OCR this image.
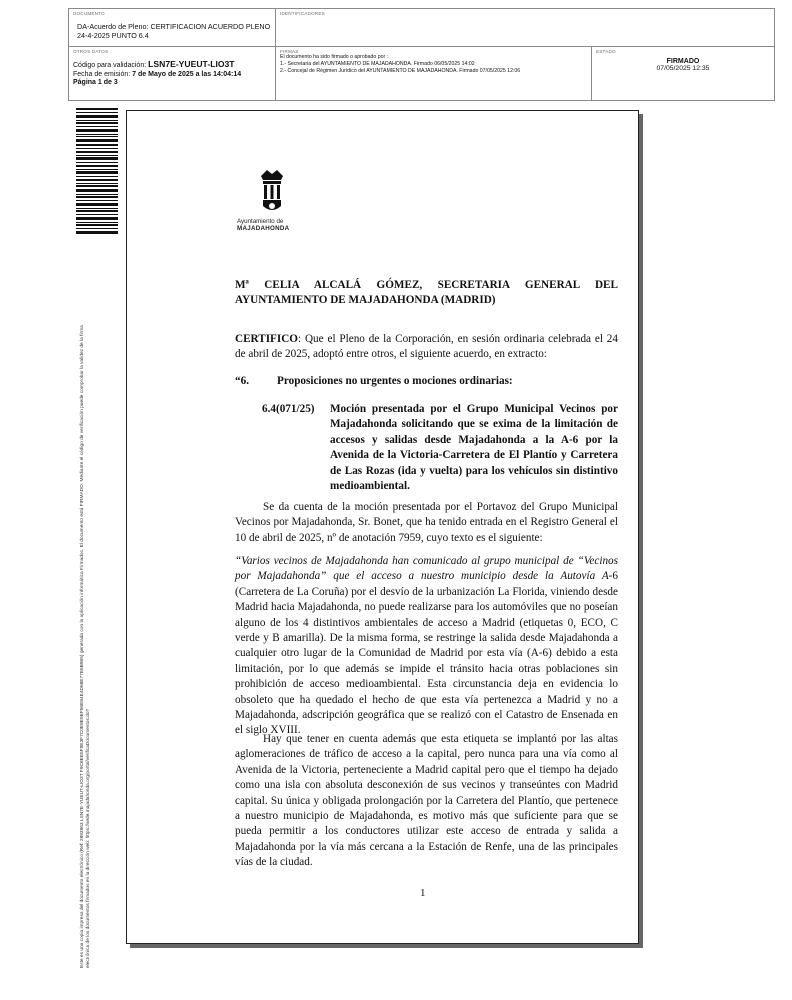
DOCUMENTO
DA-Acuerdo de Pleno: CERTIFICACION ACUERDO PLENO 24-4-2025 PUNTO 6.4
IDENTIFICADORES
OTROS DATOS
Código para validación: LSN7E-YUEUT-LIO3T
Fecha de emisión: 7 de Mayo de 2025 a las 14:04:14
Página 1 de 3
FIRMAS
El documento ha sido firmado o aprobado por :
1.- Secretaria del AYUNTAMIENTO DE MAJADAHONDA. Firmado 06/05/2025 14:02
2.- Concejal de Régimen Jurídico del AYUNTAMIENTO DE MAJADAHONDA. Firmado 07/05/2025 12:06
ESTADO
FIRMADO
07/05/2025 12:35
Este es una copia impresa del documento electrónico (Ref: 2893963 LSN7E-YUEUT-LIO3T F9C8EE5F9E3F7C0E8E9EF56E84E4D68E77E6B965) generada con la aplicación informática Firmadoc. El documento está FIRMADO. Mediante el código de verificación puede comprobar la validez de la firma electrónica de los documentos firmados en la dirección web: https://sede.majadahonda.org/portal/verificaDocumentos.do?
Ayuntamiento de
MAJADAHONDA
Mª CELIA ALCALÁ GÓMEZ, SECRETARIA GENERAL DEL AYUNTAMIENTO DE MAJADAHONDA (MADRID)

CERTIFICO: Que el Pleno de la Corporación, en sesión ordinaria celebrada el 24 de abril de 2025, adoptó entre otros, el siguiente acuerdo, en extracto:

“6.	Proposiciones no urgentes o mociones ordinarias:
6.4(071/25)	Moción presentada por el Grupo Municipal Vecinos por Majadahonda solicitando que se exima de la limitación de accesos y salidas desde Majadahonda a la A-6 por la Avenida de la Victoria-Carretera de El Plantío y Carretera de Las Rozas (ida y vuelta) para los vehículos sin distintivo medioambiental.

Se da cuenta de la moción presentada por el Portavoz del Grupo Municipal Vecinos por Majadahonda, Sr. Bonet, que ha tenido entrada en el Registro General el 10 de abril de 2025, nº de anotación 7959, cuyo texto es el siguiente:

“Varios vecinos de Majadahonda han comunicado al grupo municipal de “Vecinos por Majadahonda” que el acceso a nuestro municipio desde la Autovía A-6 (Carretera de La Coruña) por el desvío de la urbanización La Florida, viniendo desde Madrid hacia Majadahonda, no puede realizarse para los automóviles que no poseían alguno de los 4 distintivos ambientales de acceso a Madrid (etiquetas 0, ECO, C verde y B amarilla). De la misma forma, se restringe la salida desde Majadahonda a cualquier otro lugar de la Comunidad de Madrid por esta vía (A-6) debido a esta limitación, por lo que además se impide el tránsito hacia otras poblaciones sin prohibición de acceso medioambiental. Esta circunstancia deja en evidencia lo obsoleto que ha quedado el hecho de que esta vía pertenezca a Madrid y no a Majadahonda, adscripción geográfica que se realizó con el Catastro de Ensenada en el siglo XVIII.

Hay que tener en cuenta además que esta etiqueta se implantó por las altas aglomeraciones de tráfico de acceso a la capital, pero nunca para una vía como al Avenida de la Victoria, perteneciente a Madrid capital pero que el tiempo ha dejado como una isla con absoluta desconexión de sus vecinos y transeúntes con Madrid capital. Su única y obligada prolongación por la Carretera del Plantío, que pertenece a nuestro municipio de Majadahonda, es motivo más que suficiente para que se pueda permitir a los conductores utilizar este acceso de entrada y salida a Majadahonda por la vía más cercana a la Estación de Renfe, una de las principales vías de la ciudad.

1
